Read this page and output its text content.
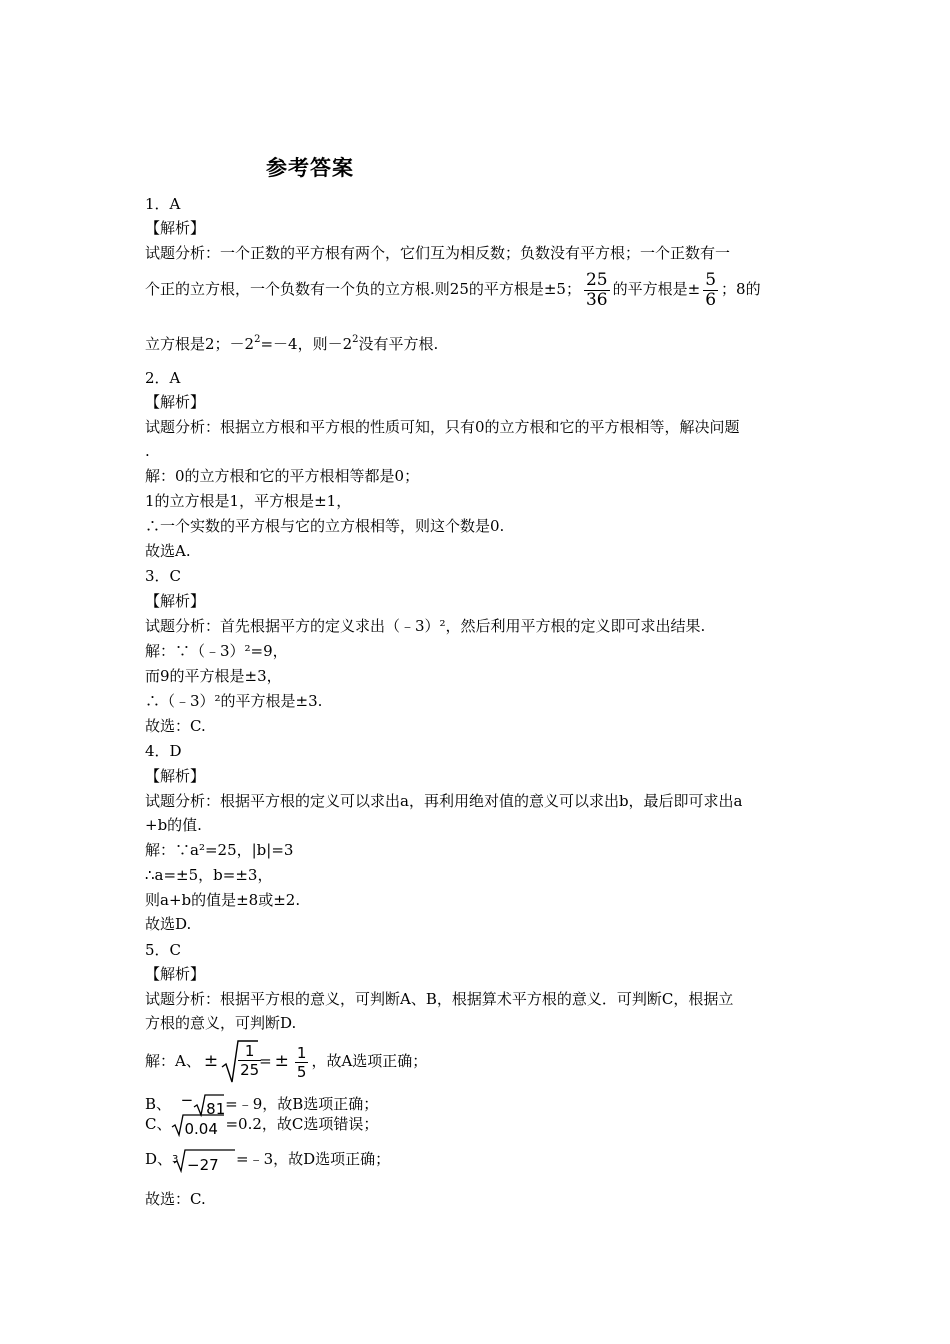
参考答案
1．A
【解析】
试题分析：一个正数的平方根有两个，它们互为相反数；负数没有平方根；一个正数有一
个正的立方根，一个负数有一个负的立方根.则25的平方根是±5； $\frac{25}{36}$ 的平方根是± $\frac{5}{6}$ ；8的
立方根是2；$-2^2=-4$，则$-2^2$没有平方根.
2．A
【解析】
试题分析：根据立方根和平方根的性质可知，只有0的立方根和它的平方根相等，解决问题
.
解：0的立方根和它的平方根相等都是0；
1的立方根是1，平方根是±1，
∴一个实数的平方根与它的立方根相等，则这个数是0.
故选A.
3．C
【解析】
试题分析：首先根据平方的定义求出（﹣3）²，然后利用平方根的定义即可求出结果.
解：∵（﹣3）²=9，
而9的平方根是±3，
∴（﹣3）²的平方根是±3.
故选：C.
4．D
【解析】
试题分析：根据平方根的定义可以求出a，再利用绝对值的意义可以求出b，最后即可求出a
+b的值.
解：∵a²=25，|b|=3
∴a=±5，b=±3，
则a+b的值是±8或±2.
故选D.
5．C
【解析】
试题分析：根据平方根的意义，可判断A、B，根据算术平方根的意义．可判断C，根据立
方根的意义，可判断D.
解：A、 ± $\frac{1}{25}$
= ± $\frac{1}{5}$ ，故A选项正确；
B、 − 81 =﹣9，故B选项正确；
C、 0.04 =0.2，故C选项错误；
D、 3 −27 =﹣3，故D选项正确；
故选：C.
